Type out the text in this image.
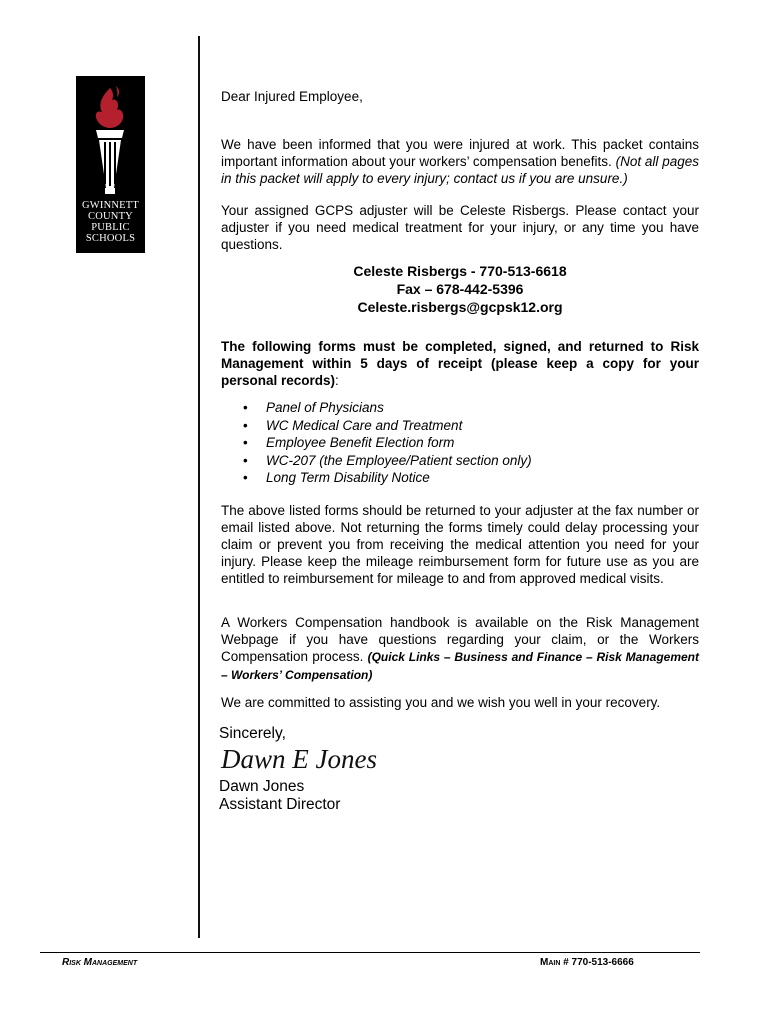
GWINNETT
COUNTY
PUBLIC
SCHOOLS

Dear Injured Employee,

We have been informed that you were injured at work. This packet contains important information about your workers’ compensation benefits. (Not all pages in this packet will apply to every injury; contact us if you are unsure.)

Your assigned GCPS adjuster will be Celeste Risbergs. Please contact your adjuster if you need medical treatment for your injury, or any time you have questions.

Celeste Risbergs - 770-513-6618
Fax – 678-442-5396
Celeste.risbergs@gcpsk12.org

The following forms must be completed, signed, and returned to Risk Management within 5 days of receipt (please keep a copy for your personal records):

• Panel of Physicians
• WC Medical Care and Treatment
• Employee Benefit Election form
• WC-207 (the Employee/Patient section only)
• Long Term Disability Notice

The above listed forms should be returned to your adjuster at the fax number or email listed above. Not returning the forms timely could delay processing your claim or prevent you from receiving the medical attention you need for your injury. Please keep the mileage reimbursement form for future use as you are entitled to reimbursement for mileage to and from approved medical visits.

A Workers Compensation handbook is available on the Risk Management Webpage if you have questions regarding your claim, or the Workers Compensation process. (Quick Links – Business and Finance – Risk Management – Workers’ Compensation)

We are committed to assisting you and we wish you well in your recovery.

Sincerely,
Dawn E Jones
Dawn Jones
Assistant Director
Risk Management	Main # 770-513-6666
